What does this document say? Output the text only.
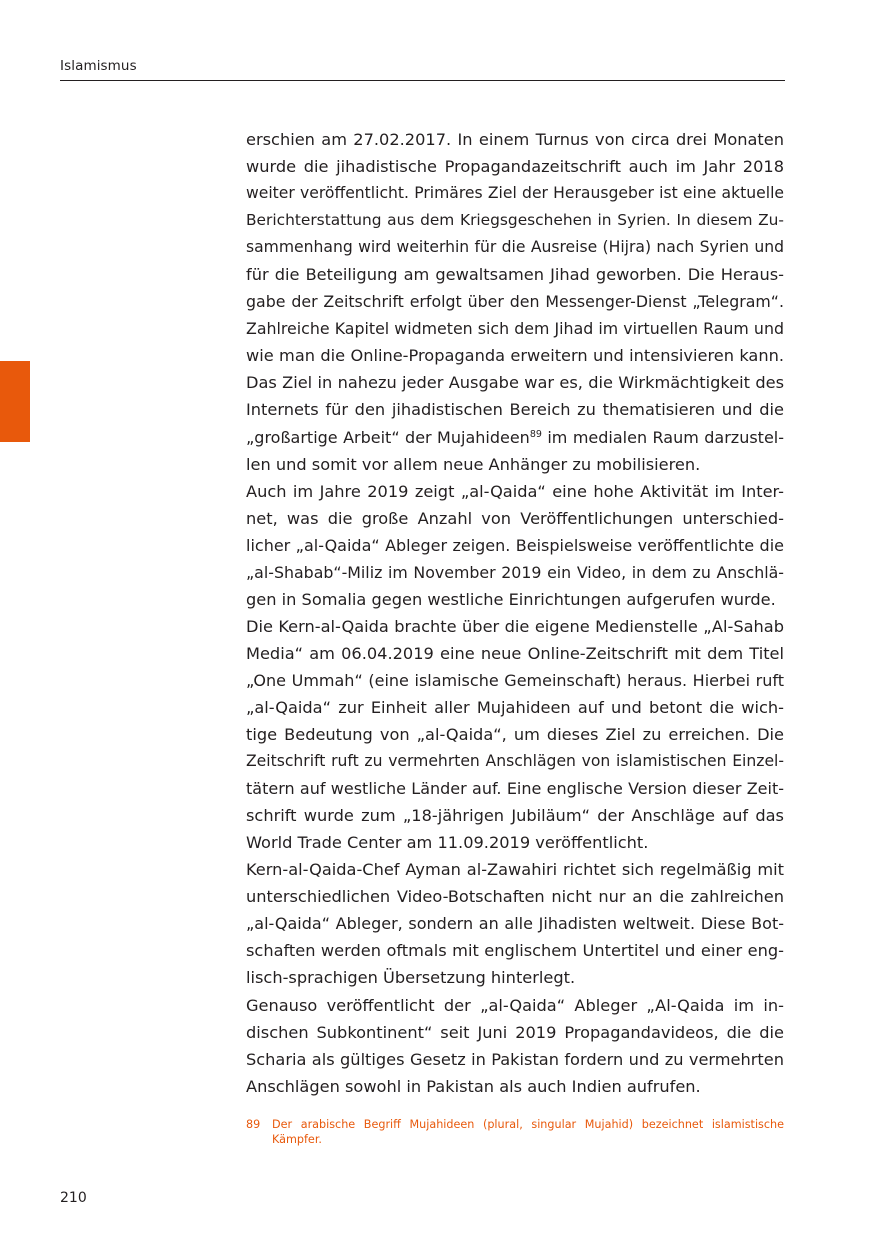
Islamismus
erschien am 27.02.2017. In einem Turnus von circa drei Monaten
wurde die jihadistische Propagandazeitschrift auch im Jahr 2018
weiter veröffentlicht. Primäres Ziel der Herausgeber ist eine aktuelle
Berichterstattung aus dem Kriegsgeschehen in Syrien. In diesem Zu-
sammenhang wird weiterhin für die Ausreise (Hijra) nach Syrien und
für die Beteiligung am gewaltsamen Jihad geworben. Die Heraus-
gabe der Zeitschrift erfolgt über den Messenger-Dienst „Telegram“.
Zahlreiche Kapitel widmeten sich dem Jihad im virtuellen Raum und
wie man die Online-Propaganda erweitern und intensivieren kann.
Das Ziel in nahezu jeder Ausgabe war es, die Wirkmächtigkeit des
Internets für den jihadistischen Bereich zu thematisieren und die
„großartige Arbeit“ der Mujahideen$^{89}$ im medialen Raum darzustel-
len und somit vor allem neue Anhänger zu mobilisieren.
Auch im Jahre 2019 zeigt „al-Qaida“ eine hohe Aktivität im Inter-
net, was die große Anzahl von Veröffentlichungen unterschied-
licher „al-Qaida“ Ableger zeigen. Beispielsweise veröffentlichte die
„al-Shabab“-Miliz im November 2019 ein Video, in dem zu Anschlä-
gen in Somalia gegen westliche Einrichtungen aufgerufen wurde.
Die Kern-al-Qaida brachte über die eigene Medienstelle „Al-Sahab
Media“ am 06.04.2019 eine neue Online-Zeitschrift mit dem Titel
„One Ummah“ (eine islamische Gemeinschaft) heraus. Hierbei ruft
„al-Qaida“ zur Einheit aller Mujahideen auf und betont die wich-
tige Bedeutung von „al-Qaida“, um dieses Ziel zu erreichen. Die
Zeitschrift ruft zu vermehrten Anschlägen von islamistischen Einzel-
tätern auf westliche Länder auf. Eine englische Version dieser Zeit-
schrift wurde zum „18-jährigen Jubiläum“ der Anschläge auf das
World Trade Center am 11.09.2019 veröffentlicht.
Kern-al-Qaida-Chef Ayman al-Zawahiri richtet sich regelmäßig mit
unterschiedlichen Video-Botschaften nicht nur an die zahlreichen
„al-Qaida“ Ableger, sondern an alle Jihadisten weltweit. Diese Bot-
schaften werden oftmals mit englischem Untertitel und einer eng-
lisch-sprachigen Übersetzung hinterlegt.
Genauso veröffentlicht der „al-Qaida“ Ableger „Al-Qaida im in-
dischen Subkontinent“ seit Juni 2019 Propagandavideos, die die
Scharia als gültiges Gesetz in Pakistan fordern und zu vermehrten
Anschlägen sowohl in Pakistan als auch Indien aufrufen.
89 Der arabische Begriff Mujahideen (plural, singular Mujahid) bezeichnet islamistische
Kämpfer.
210
